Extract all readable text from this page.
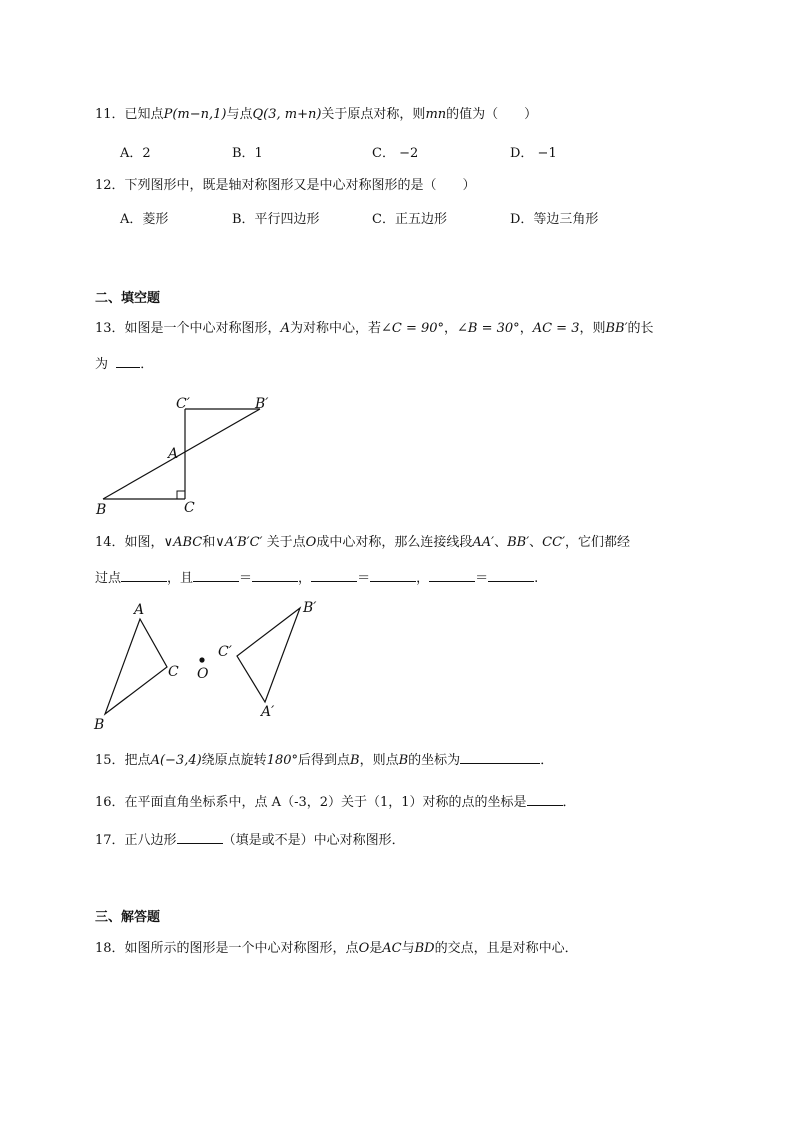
11．已知点P(m−n,1)与点Q(3, m+n)关于原点对称，则mn的值为（　　）
A．2	B．1	C． −2	D． −1
12．下列图形中，既是轴对称图形又是中心对称图形的是（　　）
A．菱形	B．平行四边形	C．正五边形	D．等边三角形
二、填空题
13．如图是一个中心对称图形，A为对称中心，若∠C = 90°，∠B = 30°，AC = 3，则BB′的长
为 ．
C′	B′
A
B	C
14．如图，∨ABC和∨A′B′C′ 关于点O成中心对称，那么连接线段AA′、BB′、CC′，它们都经
过点	，且	＝	，	＝	，	＝	.
A
C
B
O
B′
C′
A′
15．把点A(−3,4)绕原点旋转180°后得到点B，则点B的坐标为	．
16．在平面直角坐标系中，点 A（-3，2）关于（1，1）对称的点的坐标是	．
17．正八边形	（填是或不是）中心对称图形．
三、解答题
18．如图所示的图形是一个中心对称图形，点O是AC与BD的交点，且是对称中心．
